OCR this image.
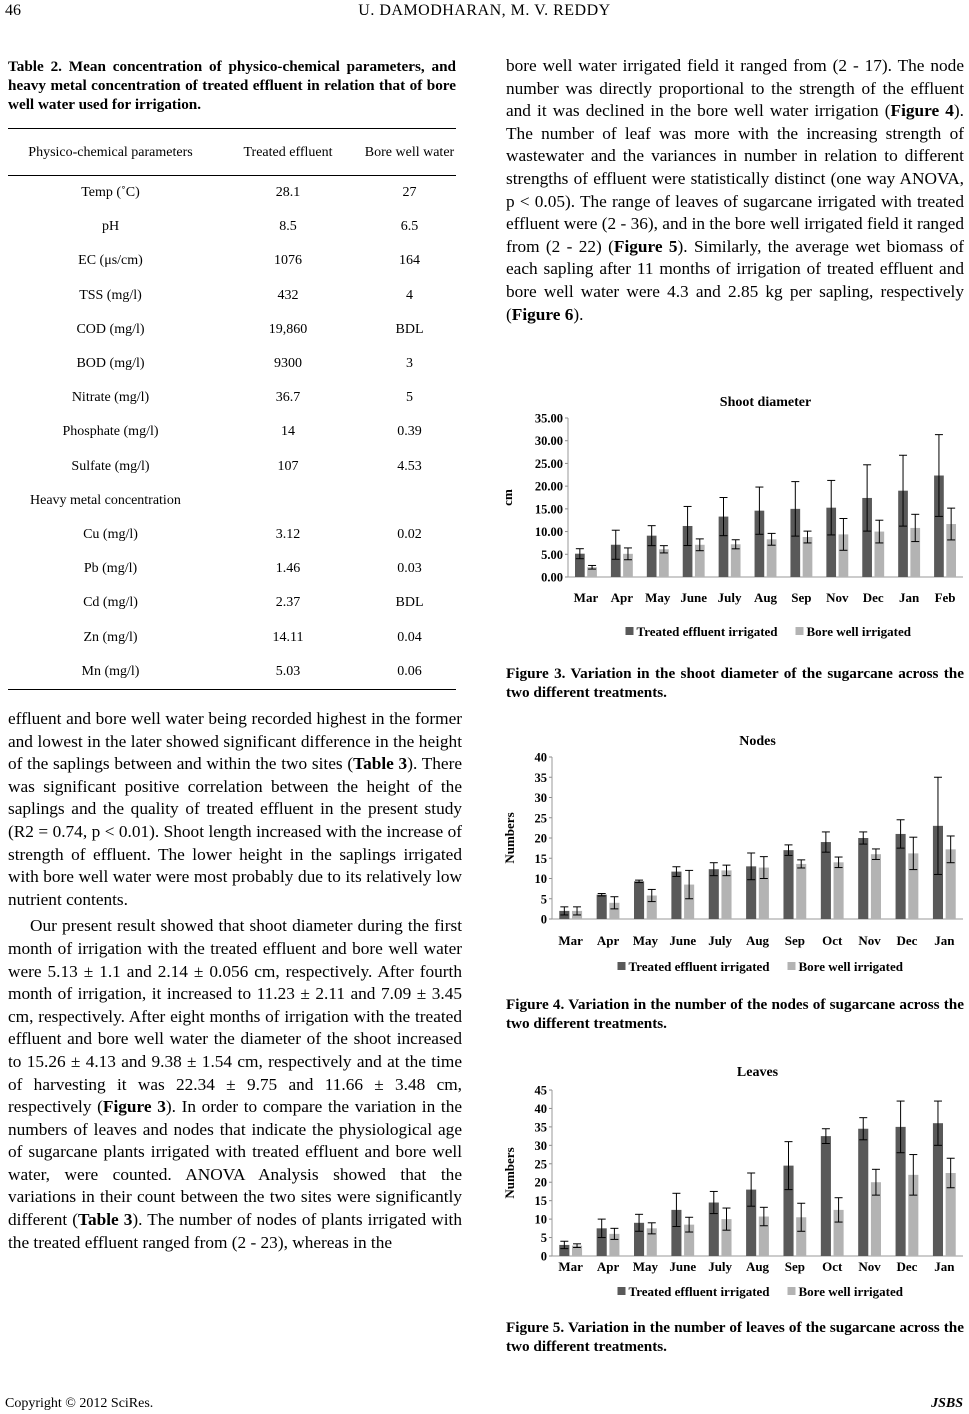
46	U. DAMODHARAN, M. V. REDDY
Table 2. Mean concentration of physico-chemical parameters, and heavy metal concentration of treated effluent in relation that of bore well water used for irrigation.
Physico-chemical parameters	Treated effluent	Bore well water
Temp (˚C)	28.1	27
pH	8.5	6.5
EC (μs/cm)	1076	164
TSS (mg/l)	432	4
COD (mg/l)	19,860	BDL
BOD (mg/l)	9300	3
Nitrate (mg/l)	36.7	5
Phosphate (mg/l)	14	0.39
Sulfate (mg/l)	107	4.53
Heavy metal concentration		
Cu (mg/l)	3.12	0.02
Pb (mg/l)	1.46	0.03
Cd (mg/l)	2.37	BDL
Zn (mg/l)	14.11	0.04
Mn (mg/l)	5.03	0.06

effluent and bore well water being recorded highest in the former and lowest in the later showed significant difference in the height of the saplings between and within the two sites (Table 3). There was significant positive correlation between the height of the saplings and the quality of treated effluent in the present study (R2 = 0.74, p < 0.01). Shoot length increased with the increase of strength of effluent. The lower height in the saplings irrigated with bore well water were most probably due to its relatively low nutrient contents.

Our present result showed that shoot diameter during the first month of irrigation with the treated effluent and bore well water were 5.13 ± 1.1 and 2.14 ± 0.056 cm, respectively. After fourth month of irrigation, it increased to 11.23 ± 2.11 and 7.09 ± 3.45 cm, respectively. After eight months of irrigation with the treated effluent and bore well water the diameter of the shoot increased to 15.26 ± 4.13 and 9.38 ± 1.54 cm, respectively and at the time of harvesting it was 22.34 ± 9.75 and 11.66 ± 3.48 cm, respectively (Figure 3). In order to compare the variation in the numbers of leaves and nodes that indicate the physiological age of sugarcane plants irrigated with treated effluent and bore well water, were counted. ANOVA Analysis showed that the variations in their count between the two sites were significantly different (Table 3). The number of nodes of plants irrigated with the treated effluent ranged from (2 - 23), whereas in the

bore well water irrigated field it ranged from (2 - 17). The node number was directly proportional to the strength of the effluent and it was declined in the bore well water irrigation (Figure 4). The number of leaf was more with the increasing strength of wastewater and the variances in number in relation to different strengths of effluent were statistically distinct (one way ANOVA, p < 0.05). The range of leaves of sugarcane irrigated with treated effluent were (2 - 36), and in the bore well irrigated field it ranged from (2 - 22) (Figure 5). Similarly, the average wet biomass of each sapling after 11 months of irrigation of treated effluent and bore well water were 4.3 and 2.85 kg per sapling, respectively (Figure 6).

Shoot diameter
cm
0.00
5.00
10.00
15.00
20.00
25.00
30.00
35.00
Mar Apr May June July Aug Sep Nov Dec Jan Feb
Treated effluent irrigated Bore well irrigated
Figure 3. Variation in the shoot diameter of the sugarcane across the two different treatments.
Nodes
Numbers
0
5
10
15
20
25
30
35
40
Mar Apr May June July Aug Sep Oct Nov Dec Jan
Treated effluent irrigated Bore well irrigated
Figure 4. Variation in the number of the nodes of sugarcane across the two different treatments.
Leaves
Numbers
0
5
10
15
20
25
30
35
40
45
Mar Apr May June July Aug Sep Oct Nov Dec Jan
Treated effluent irrigated Bore well irrigated
Figure 5. Variation in the number of leaves of the sugarcane across the two different treatments.
Copyright © 2012 SciRes.	JSBS
